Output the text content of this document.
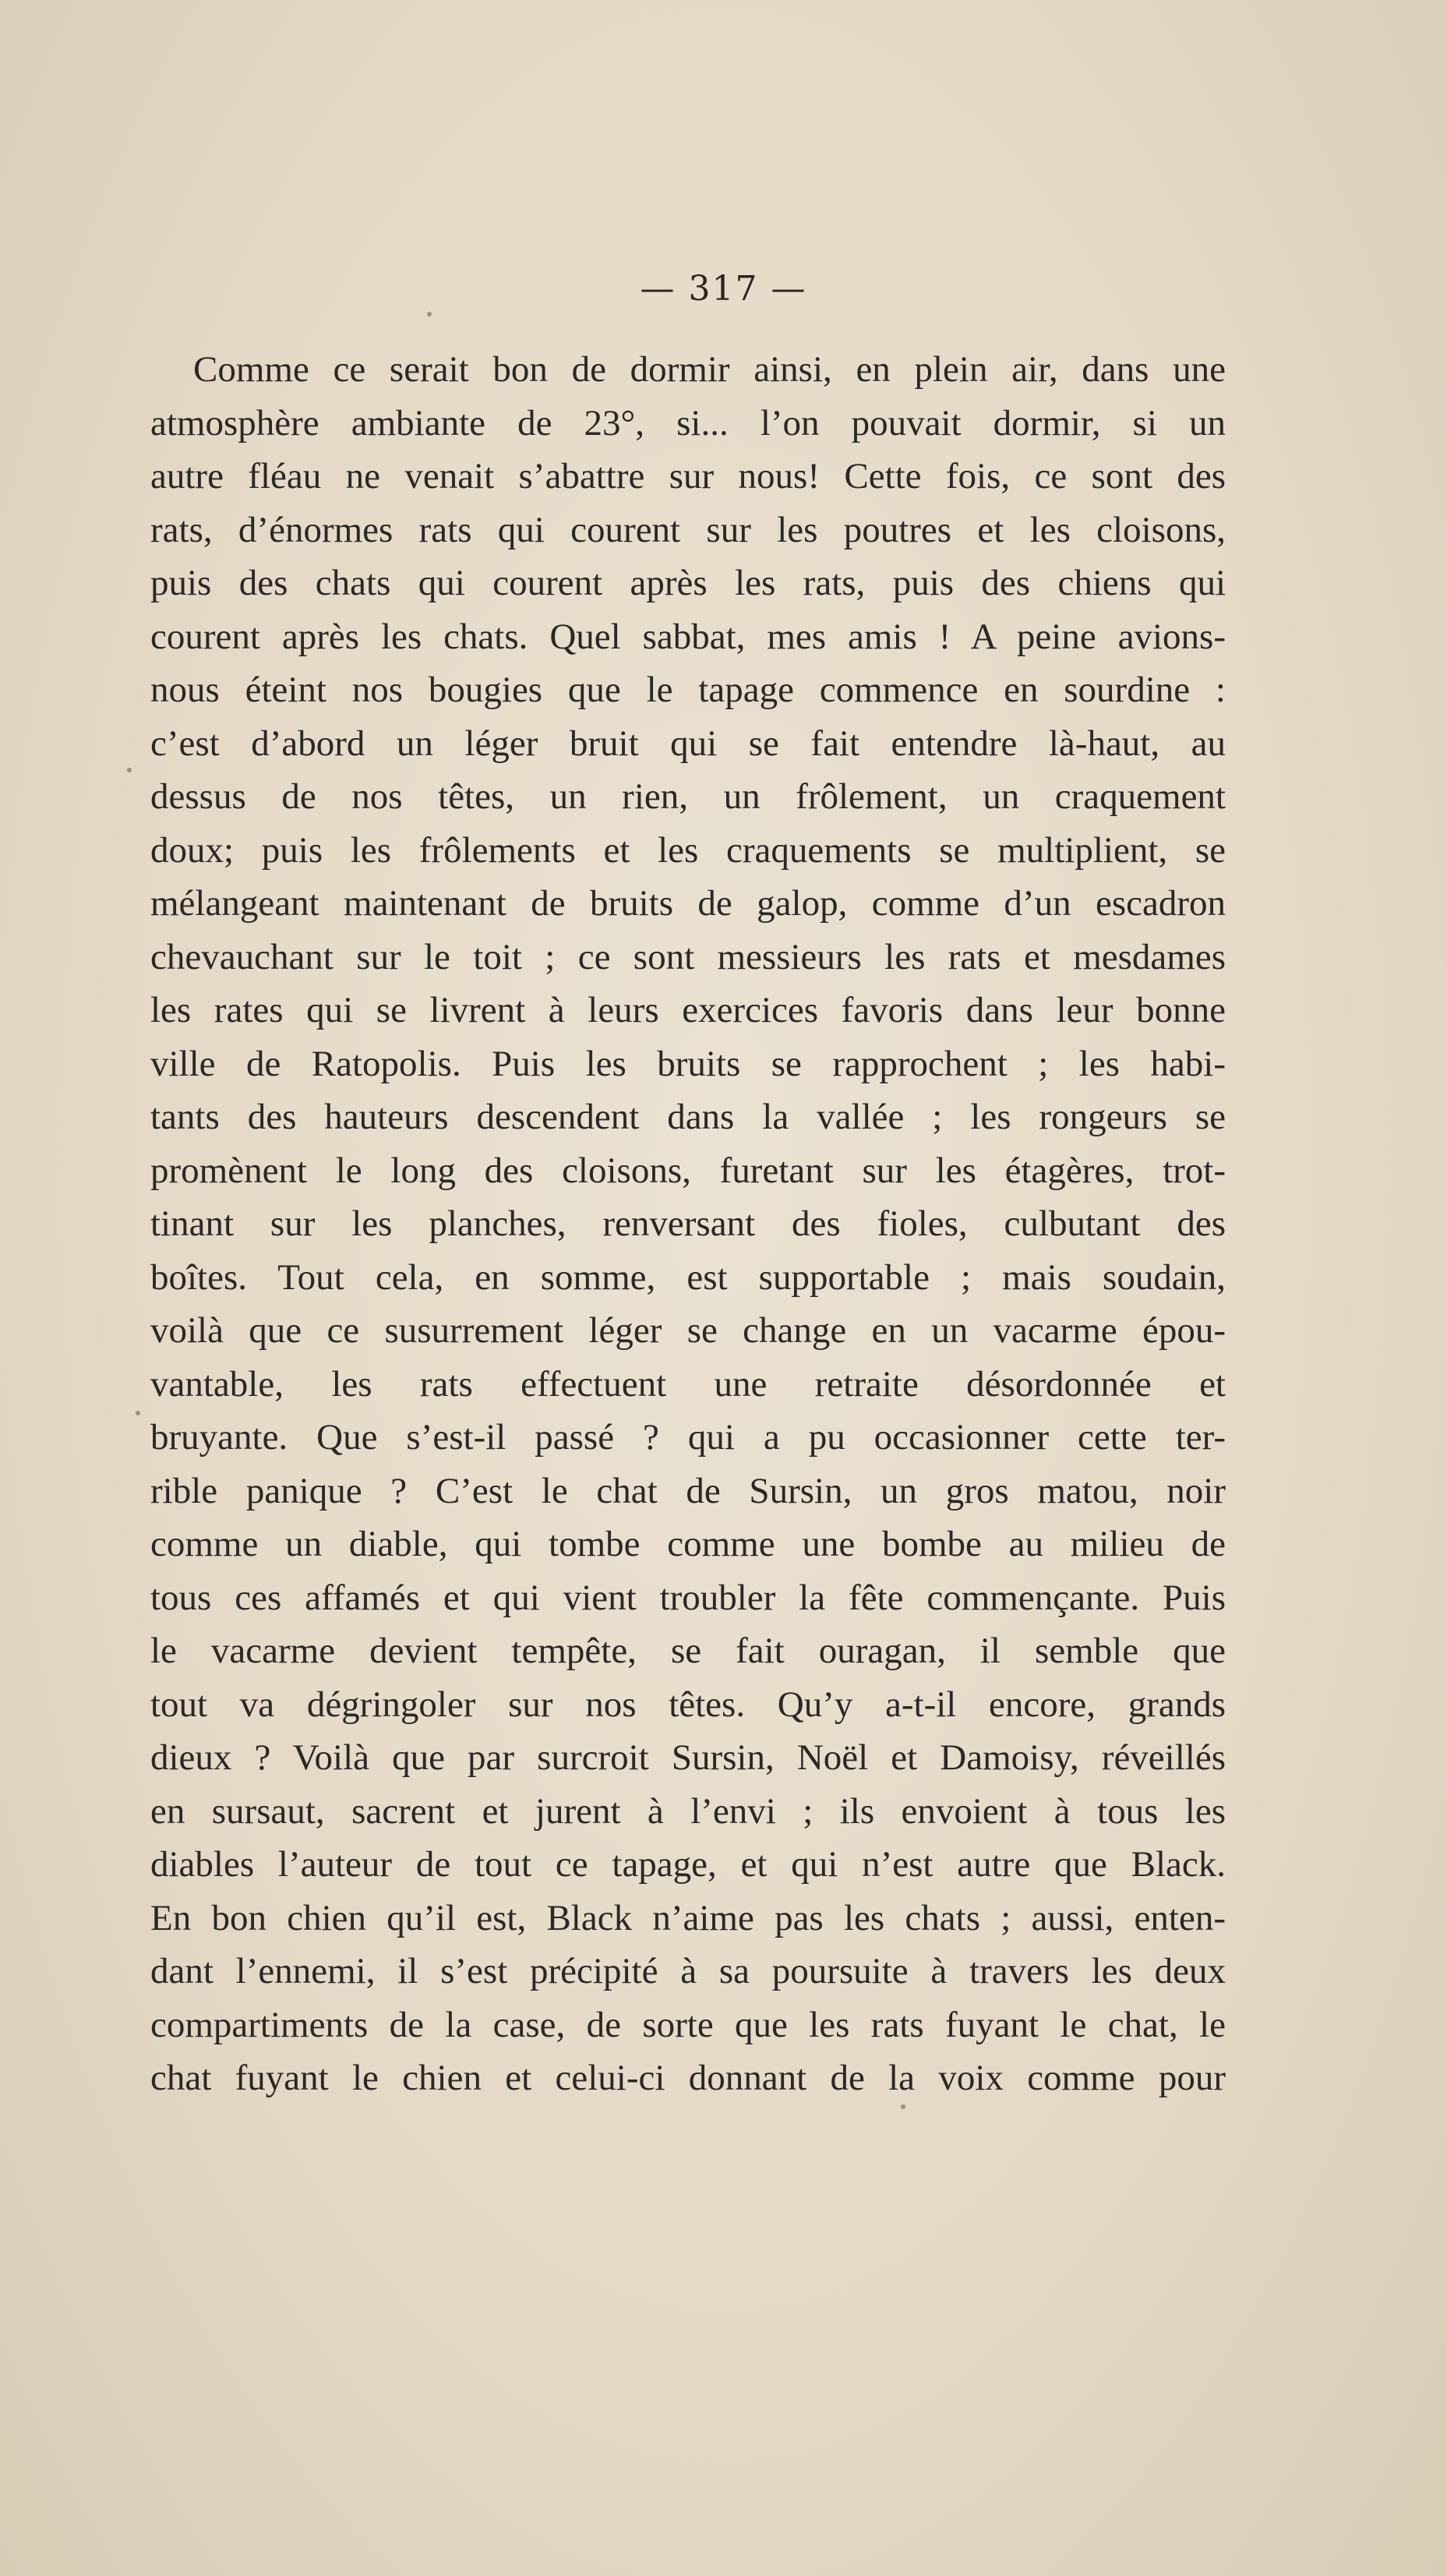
— 317 —
Comme ce serait bon de dormir ainsi, en plein air, dans une
atmosphère ambiante de 23°, si... l’on pouvait dormir, si un
autre fléau ne venait s’abattre sur nous! Cette fois, ce sont des
rats, d’énormes rats qui courent sur les poutres et les cloisons,
puis des chats qui courent après les rats, puis des chiens qui
courent après les chats. Quel sabbat, mes amis ! A peine avions-
nous éteint nos bougies que le tapage commence en sourdine :
c’est d’abord un léger bruit qui se fait entendre là-haut, au
dessus de nos têtes, un rien, un frôlement, un craquement
doux; puis les frôlements et les craquements se multiplient, se
mélangeant maintenant de bruits de galop, comme d’un escadron
chevauchant sur le toit ; ce sont messieurs les rats et mesdames
les rates qui se livrent à leurs exercices favoris dans leur bonne
ville de Ratopolis. Puis les bruits se rapprochent ; les habi-
tants des hauteurs descendent dans la vallée ; les rongeurs se
promènent le long des cloisons, furetant sur les étagères, trot-
tinant sur les planches, renversant des fioles, culbutant des
boîtes. Tout cela, en somme, est supportable ; mais soudain,
voilà que ce susurrement léger se change en un vacarme épou-
vantable, les rats effectuent une retraite désordonnée et
bruyante. Que s’est-il passé ? qui a pu occasionner cette ter-
rible panique ? C’est le chat de Sursin, un gros matou, noir
comme un diable, qui tombe comme une bombe au milieu de
tous ces affamés et qui vient troubler la fête commençante. Puis
le vacarme devient tempête, se fait ouragan, il semble que
tout va dégringoler sur nos têtes. Qu’y a-t-il encore, grands
dieux ? Voilà que par surcroit Sursin, Noël et Damoisy, réveillés
en sursaut, sacrent et jurent à l’envi ; ils envoient à tous les
diables l’auteur de tout ce tapage, et qui n’est autre que Black.
En bon chien qu’il est, Black n’aime pas les chats ; aussi, enten-
dant l’ennemi, il s’est précipité à sa poursuite à travers les deux
compartiments de la case, de sorte que les rats fuyant le chat, le
chat fuyant le chien et celui-ci donnant de la voix comme pour
